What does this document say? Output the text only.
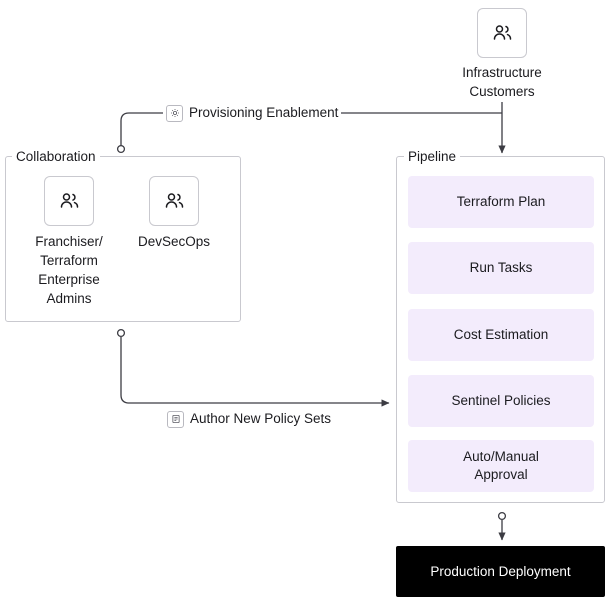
Infrastructure
Customers
Provisioning Enablement
Collaboration
Franchiser/
Terraform
Enterprise
Admins
DevSecOps
Author New Policy Sets
Pipeline
Terraform Plan
Run Tasks
Cost Estimation
Sentinel Policies
Auto/Manual
Approval
Production Deployment
